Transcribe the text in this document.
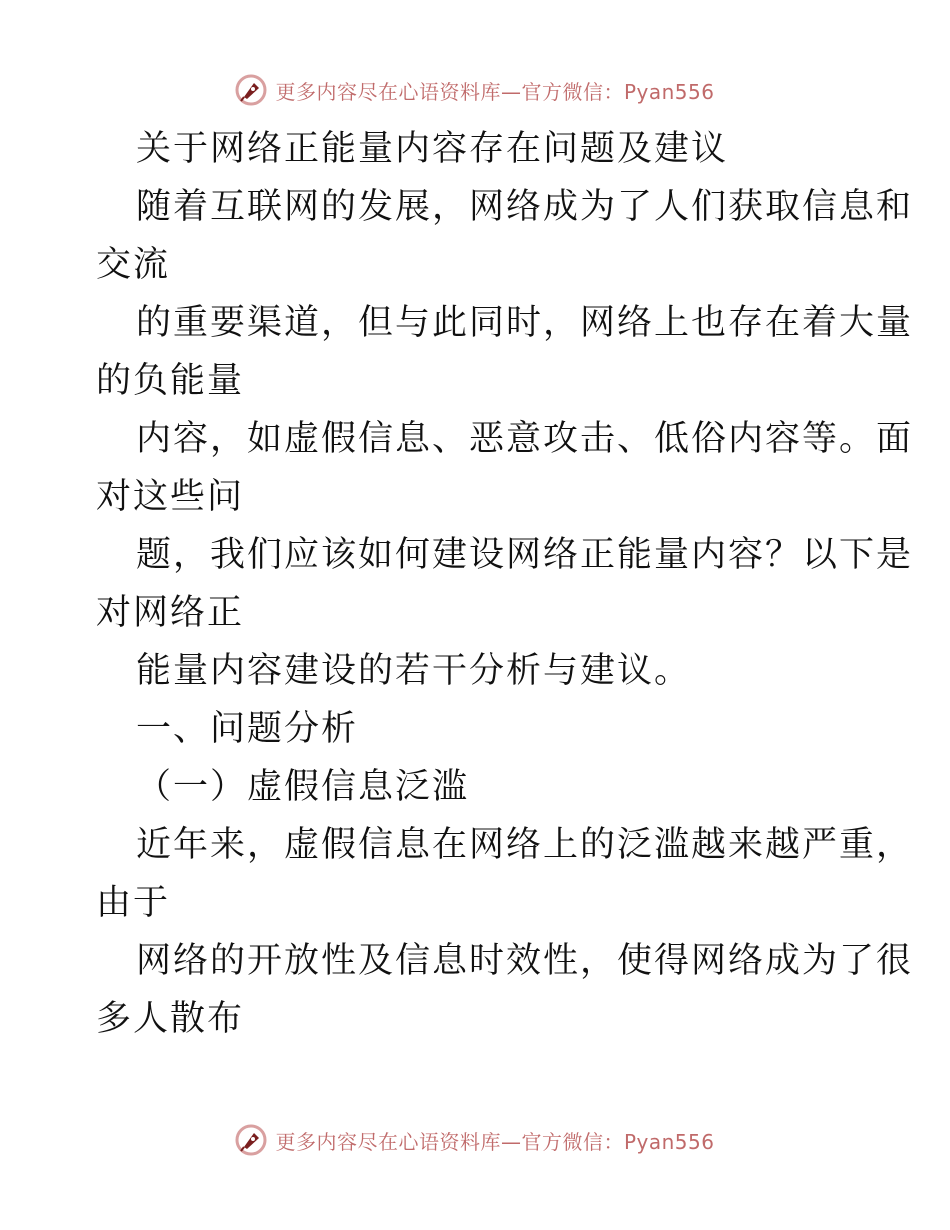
更多内容尽在心语资料库—官方微信：Pyan556
关于网络正能量内容存在问题及建议
随着互联网的发展，网络成为了人们获取信息和
交流
的重要渠道，但与此同时，网络上也存在着大量
的负能量
内容，如虚假信息、恶意攻击、低俗内容等。面
对这些问
题，我们应该如何建设网络正能量内容？以下是
对网络正
能量内容建设的若干分析与建议。
一、问题分析
（一）虚假信息泛滥
近年来，虚假信息在网络上的泛滥越来越严重，
由于
网络的开放性及信息时效性，使得网络成为了很
多人散布
更多内容尽在心语资料库—官方微信：Pyan556
